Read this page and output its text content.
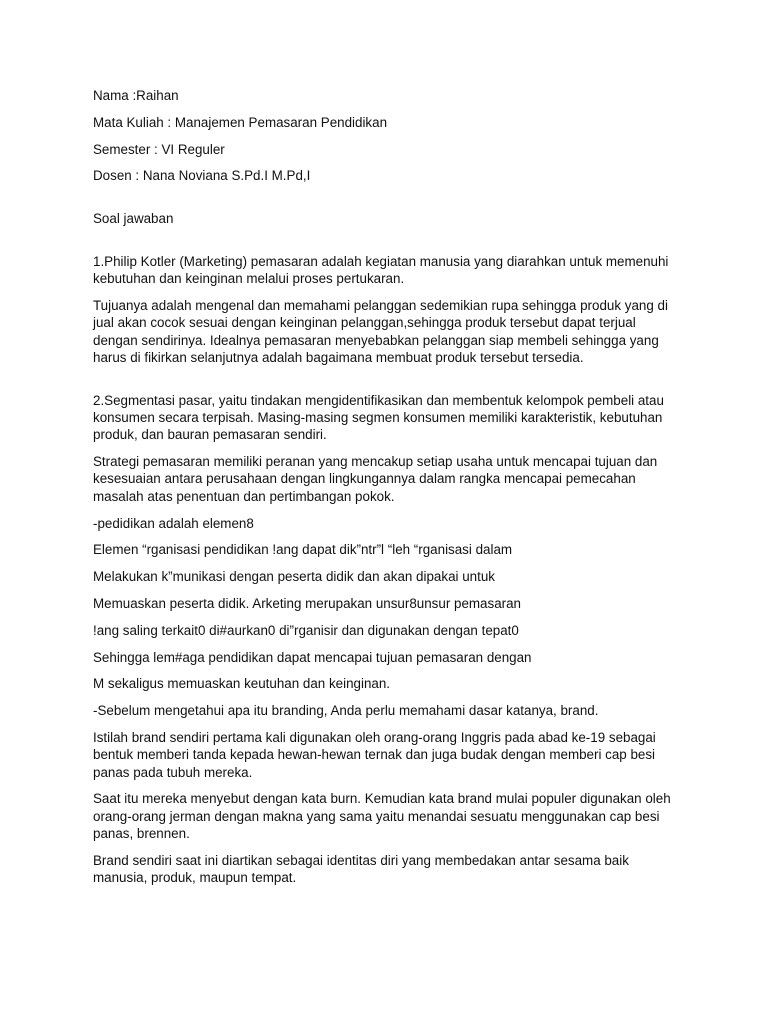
Nama :Raihan

Mata Kuliah : Manajemen Pemasaran Pendidikan

Semester : VI Reguler

Dosen : Nana Noviana S.Pd.I M.Pd,I

Soal jawaban

1.Philip Kotler (Marketing) pemasaran adalah kegiatan manusia yang diarahkan untuk memenuhi kebutuhan dan keinginan melalui proses pertukaran.

Tujuanya adalah mengenal dan memahami pelanggan sedemikian rupa sehingga produk yang di jual akan cocok sesuai dengan keinginan pelanggan,sehingga produk tersebut dapat terjual dengan sendirinya. Idealnya pemasaran menyebabkan pelanggan siap membeli sehingga yang harus di fikirkan selanjutnya adalah bagaimana membuat produk tersebut tersedia.

2.Segmentasi pasar, yaitu tindakan mengidentifikasikan dan membentuk kelompok pembeli atau konsumen secara terpisah. Masing-masing segmen konsumen memiliki karakteristik, kebutuhan produk, dan bauran pemasaran sendiri.

Strategi pemasaran memiliki peranan yang mencakup setiap usaha untuk mencapai tujuan dan kesesuaian antara perusahaan dengan lingkungannya dalam rangka mencapai pemecahan masalah atas penentuan dan pertimbangan pokok.

-pedidikan adalah elemen8

Elemen “rganisasi pendidikan !ang dapat dik”ntr”l “leh “rganisasi dalam

Melakukan k”munikasi dengan peserta didik dan akan dipakai untuk

Memuaskan peserta didik. Arketing merupakan unsur8unsur pemasaran

!ang saling terkait0 di#aurkan0 di”rganisir dan digunakan dengan tepat0

Sehingga lem#aga pendidikan dapat mencapai tujuan pemasaran dengan

M sekaligus memuaskan keutuhan dan keinginan.

-Sebelum mengetahui apa itu branding, Anda perlu memahami dasar katanya, brand.

Istilah brand sendiri pertama kali digunakan oleh orang-orang Inggris pada abad ke-19 sebagai bentuk memberi tanda kepada hewan-hewan ternak dan juga budak dengan memberi cap besi panas pada tubuh mereka.

Saat itu mereka menyebut dengan kata burn. Kemudian kata brand mulai populer digunakan oleh orang-orang jerman dengan makna yang sama yaitu menandai sesuatu menggunakan cap besi panas, brennen.

Brand sendiri saat ini diartikan sebagai identitas diri yang membedakan antar sesama baik manusia, produk, maupun tempat.
